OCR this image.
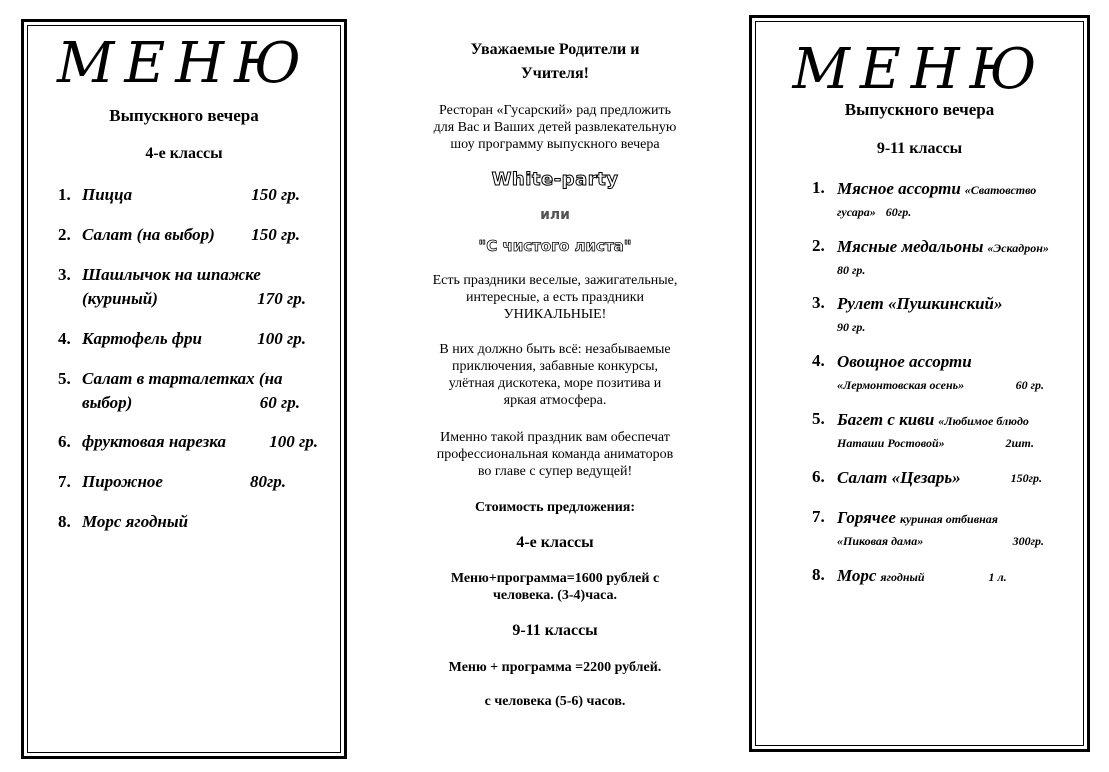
МЕНЮ
Выпускного вечера
4-е классы
1. Пицца	150 гр.
2. Салат (на выбор) 150 гр.
3. Шашлычок на шпажке
(куриный)	170 гр.
4. Картофель фри	100 гр.
5. Салат в тарталетках (на
выбор)	60 гр.
6. фруктовая нарезка	100 гр.
7. Пирожное	80гр.
8. Морс ягодный
Уважаемые Родители и
Учителя!
Ресторан «Гусарский» рад предложить
для Вас и Ваших детей развлекательную
шоу программу выпускного вечера
White-party
или
"С чистого листа"
Есть праздники веселые, зажигательные,
интересные, а есть праздники
УНИКАЛЬНЫЕ!
В них должно быть всё: незабываемые
приключения, забавные конкурсы,
улётная дискотека, море позитива и
яркая атмосфера.
Именно такой праздник вам обеспечат
профессиональная команда аниматоров
во главе с супер ведущей!
Стоимость предложения:
4-е классы
Меню+программа=1600 рублей с
человека. (3-4)часа.
9-11 классы
Меню + программа =2200 рублей.
с человека (5-6) часов.
МЕНЮ
Выпускного вечера
9-11 классы
1. Мясное ассорти «Сватовство
гусара» 60гр.
2. Мясные медальоны «Эскадрон»
80 гр.
3. Рулет «Пушкинский»
90 гр.
4. Овощное ассорти
«Лермонтовская осень»	60 гр.
5. Багет с киви «Любимое блюдо
Наташи Ростовой»	2шт.
6. Салат «Цезарь»	150гр.
7. Горячее куриная отбивная
«Пиковая дама»	300гр.
8. Морс ягодный	1 л.
